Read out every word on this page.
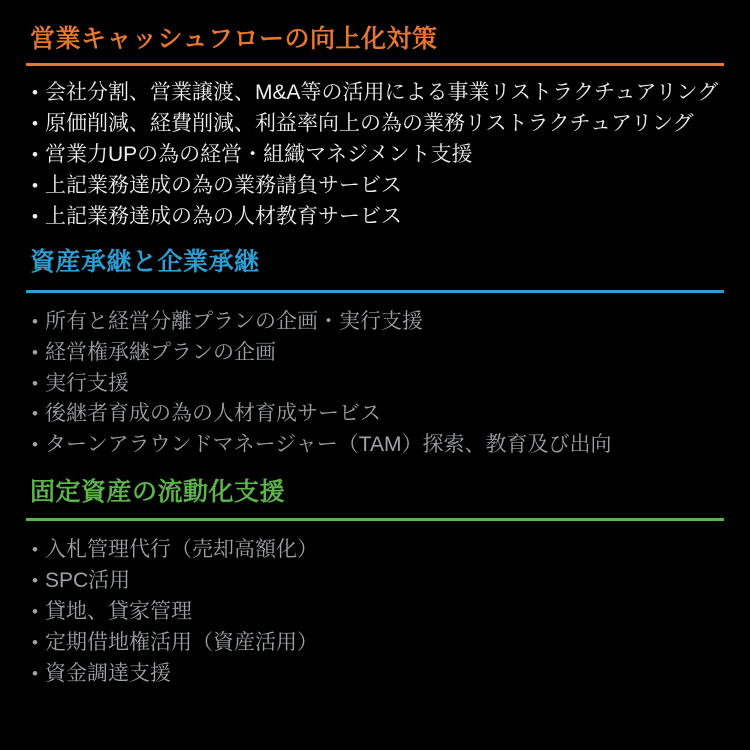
営業キャッシュフローの向上化対策
• 会社分割、営業譲渡、M&A等の活用による事業リストラクチュアリング
• 原価削減、経費削減、利益率向上の為の業務リストラクチュアリング
• 営業力UPの為の経営・組織マネジメント支援
• 上記業務達成の為の業務請負サービス
• 上記業務達成の為の人材教育サービス
資産承継と企業承継
• 所有と経営分離プランの企画・実行支援
• 経営権承継プランの企画
• 実行支援
• 後継者育成の為の人材育成サービス
• ターンアラウンドマネージャー（TAM）探索、教育及び出向
固定資産の流動化支援
• 入札管理代行（売却高額化）
• SPC活用
• 貸地、貸家管理
• 定期借地権活用（資産活用）
• 資金調達支援
